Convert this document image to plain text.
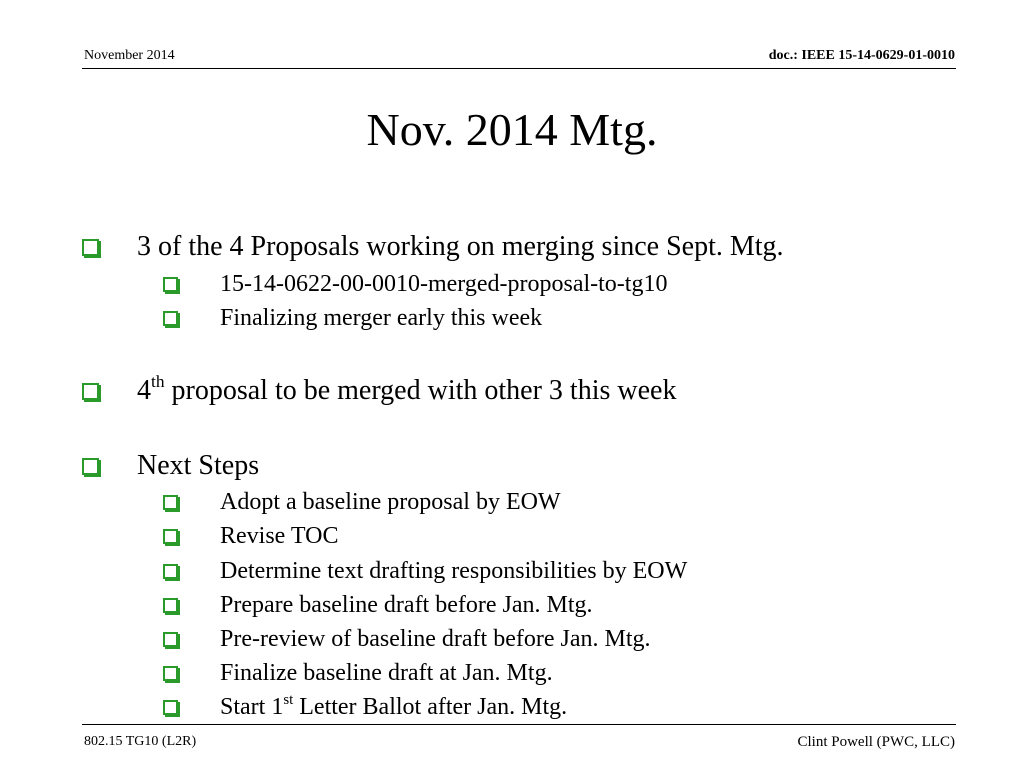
November 2014	doc.: IEEE 15-14-0629-01-0010
Nov. 2014 Mtg.
3 of the 4 Proposals working on merging since Sept. Mtg.
15-14-0622-00-0010-merged-proposal-to-tg10
Finalizing merger early this week
4th proposal to be merged with other 3 this week
Next Steps
Adopt a baseline proposal by EOW
Revise TOC
Determine text drafting responsibilities by EOW
Prepare baseline draft before Jan. Mtg.
Pre-review of baseline draft before Jan. Mtg.
Finalize baseline draft at Jan. Mtg.
Start 1st Letter Ballot after Jan. Mtg.
802.15 TG10 (L2R)	Clint Powell (PWC, LLC)
